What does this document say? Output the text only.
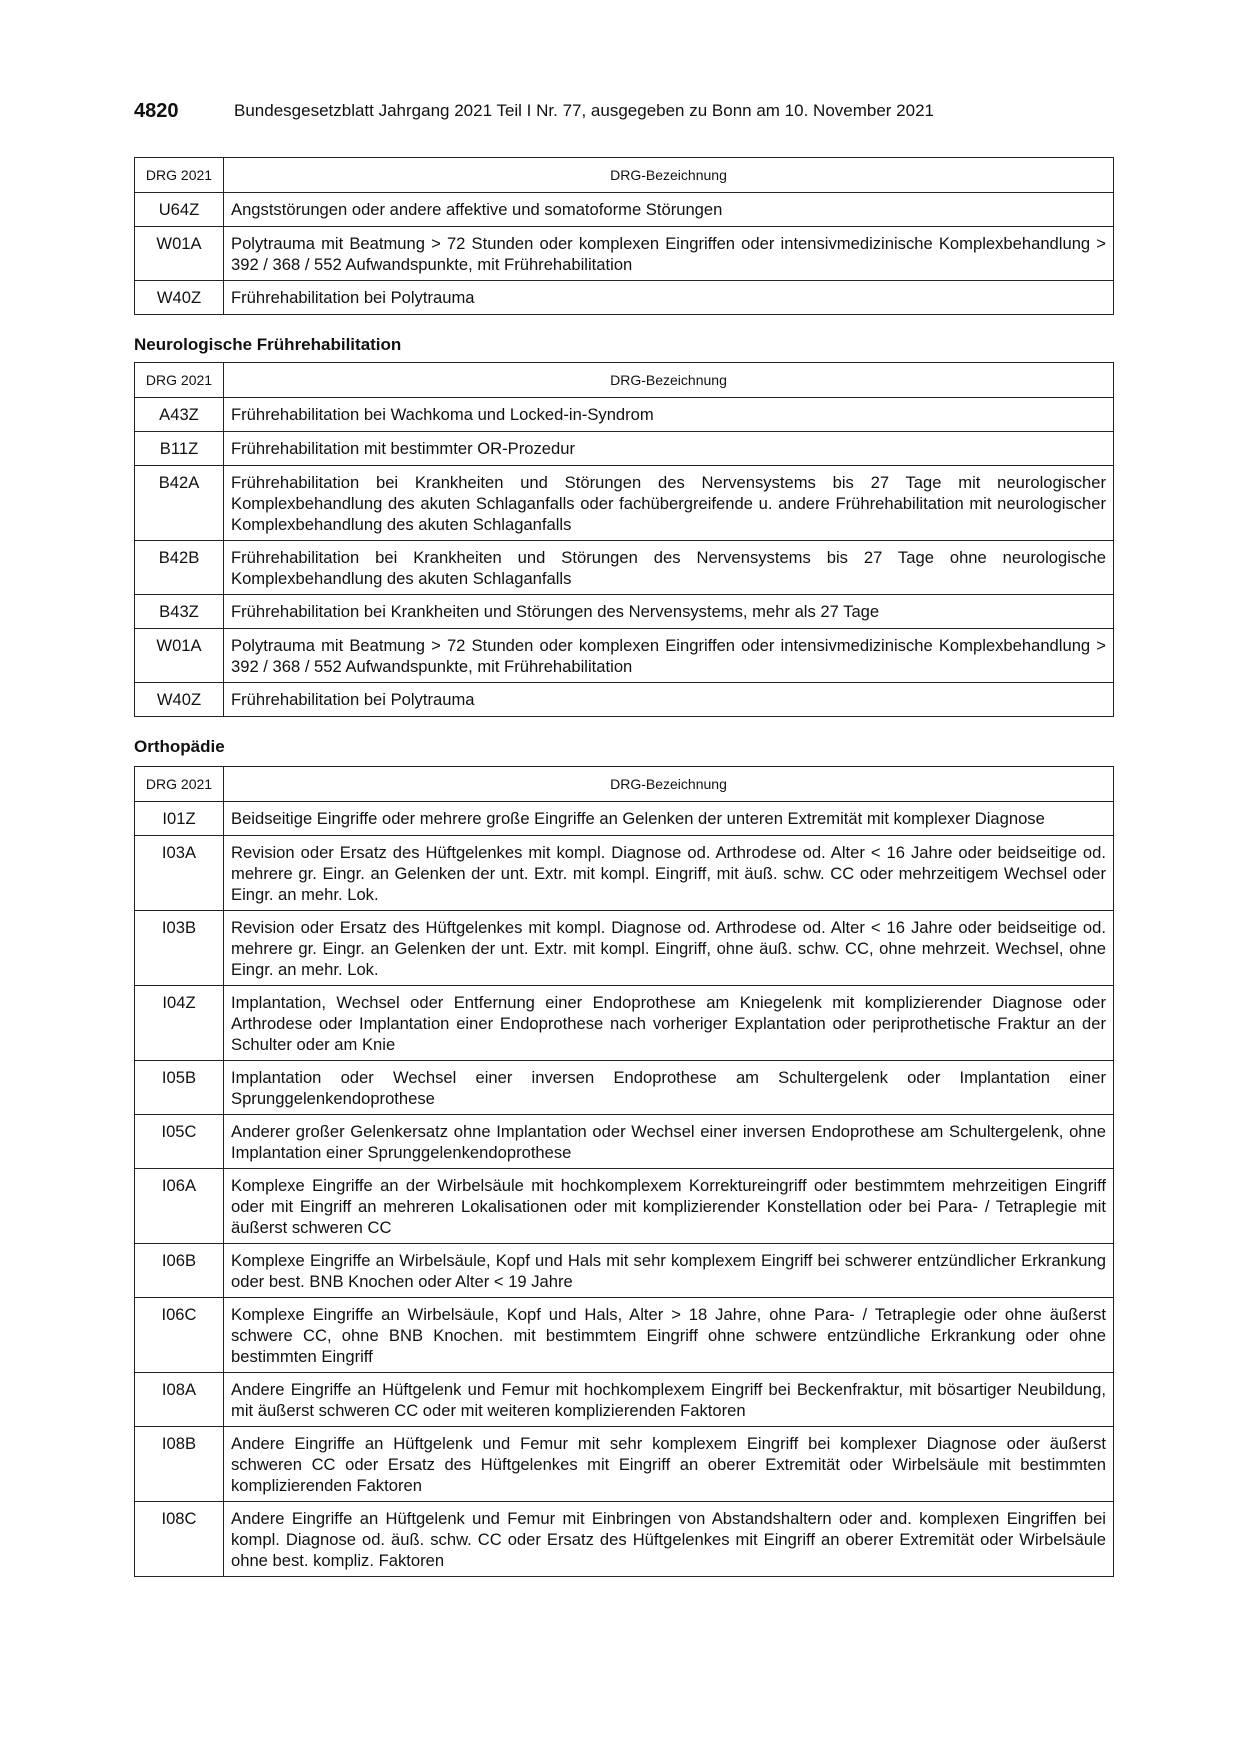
4820	Bundesgesetzblatt Jahrgang 2021 Teil I Nr. 77, ausgegeben zu Bonn am 10. November 2021
DRG 2021	DRG-Bezeichnung
U64Z	Angststörungen oder andere affektive und somatoforme Störungen
W01A	Polytrauma mit Beatmung > 72 Stunden oder komplexen Eingriffen oder intensivmedizinische Komplexbehandlung > 392 / 368 / 552 Aufwandspunkte, mit Frührehabilitation
W40Z	Frührehabilitation bei Polytrauma
Neurologische Frührehabilitation
DRG 2021	DRG-Bezeichnung
A43Z	Frührehabilitation bei Wachkoma und Locked-in-Syndrom
B11Z	Frührehabilitation mit bestimmter OR-Prozedur
B42A	Frührehabilitation bei Krankheiten und Störungen des Nervensystems bis 27 Tage mit neurologischer Komplexbehandlung des akuten Schlaganfalls oder fachübergreifende u. andere Frührehabilitation mit neurologischer Komplexbehandlung des akuten Schlaganfalls
B42B	Frührehabilitation bei Krankheiten und Störungen des Nervensystems bis 27 Tage ohne neurologische Komplexbehandlung des akuten Schlaganfalls
B43Z	Frührehabilitation bei Krankheiten und Störungen des Nervensystems, mehr als 27 Tage
W01A	Polytrauma mit Beatmung > 72 Stunden oder komplexen Eingriffen oder intensivmedizinische Komplexbehandlung > 392 / 368 / 552 Aufwandspunkte, mit Frührehabilitation
W40Z	Frührehabilitation bei Polytrauma
Orthopädie
DRG 2021	DRG-Bezeichnung
I01Z	Beidseitige Eingriffe oder mehrere große Eingriffe an Gelenken der unteren Extremität mit komplexer Diagnose
I03A	Revision oder Ersatz des Hüftgelenkes mit kompl. Diagnose od. Arthrodese od. Alter < 16 Jahre oder beidseitige od. mehrere gr. Eingr. an Gelenken der unt. Extr. mit kompl. Eingriff, mit äuß. schw. CC oder mehrzeitigem Wechsel oder Eingr. an mehr. Lok.
I03B	Revision oder Ersatz des Hüftgelenkes mit kompl. Diagnose od. Arthrodese od. Alter < 16 Jahre oder beidseitige od. mehrere gr. Eingr. an Gelenken der unt. Extr. mit kompl. Eingriff, ohne äuß. schw. CC, ohne mehrzeit. Wechsel, ohne Eingr. an mehr. Lok.
I04Z	Implantation, Wechsel oder Entfernung einer Endoprothese am Kniegelenk mit komplizierender Diagnose oder Arthrodese oder Implantation einer Endoprothese nach vorheriger Explantation oder periprothetische Fraktur an der Schulter oder am Knie
I05B	Implantation oder Wechsel einer inversen Endoprothese am Schultergelenk oder Implantation einer Sprunggelenkendoprothese
I05C	Anderer großer Gelenkersatz ohne Implantation oder Wechsel einer inversen Endoprothese am Schultergelenk, ohne Implantation einer Sprunggelenkendoprothese
I06A	Komplexe Eingriffe an der Wirbelsäule mit hochkomplexem Korrektureingriff oder bestimmtem mehrzeitigen Eingriff oder mit Eingriff an mehreren Lokalisationen oder mit komplizierender Konstellation oder bei Para- / Tetraplegie mit äußerst schweren CC
I06B	Komplexe Eingriffe an Wirbelsäule, Kopf und Hals mit sehr komplexem Eingriff bei schwerer entzündlicher Erkrankung oder best. BNB Knochen oder Alter < 19 Jahre
I06C	Komplexe Eingriffe an Wirbelsäule, Kopf und Hals, Alter > 18 Jahre, ohne Para- / Tetraplegie oder ohne äußerst schwere CC, ohne BNB Knochen. mit bestimmtem Eingriff ohne schwere entzündliche Erkrankung oder ohne bestimmten Eingriff
I08A	Andere Eingriffe an Hüftgelenk und Femur mit hochkomplexem Eingriff bei Beckenfraktur, mit bösartiger Neubildung, mit äußerst schweren CC oder mit weiteren komplizierenden Faktoren
I08B	Andere Eingriffe an Hüftgelenk und Femur mit sehr komplexem Eingriff bei komplexer Diagnose oder äußerst schweren CC oder Ersatz des Hüftgelenkes mit Eingriff an oberer Extremität oder Wirbelsäule mit bestimmten komplizierenden Faktoren
I08C	Andere Eingriffe an Hüftgelenk und Femur mit Einbringen von Abstandshaltern oder and. komplexen Eingriffen bei kompl. Diagnose od. äuß. schw. CC oder Ersatz des Hüftgelenkes mit Eingriff an oberer Extremität oder Wirbelsäule ohne best. kompliz. Faktoren
